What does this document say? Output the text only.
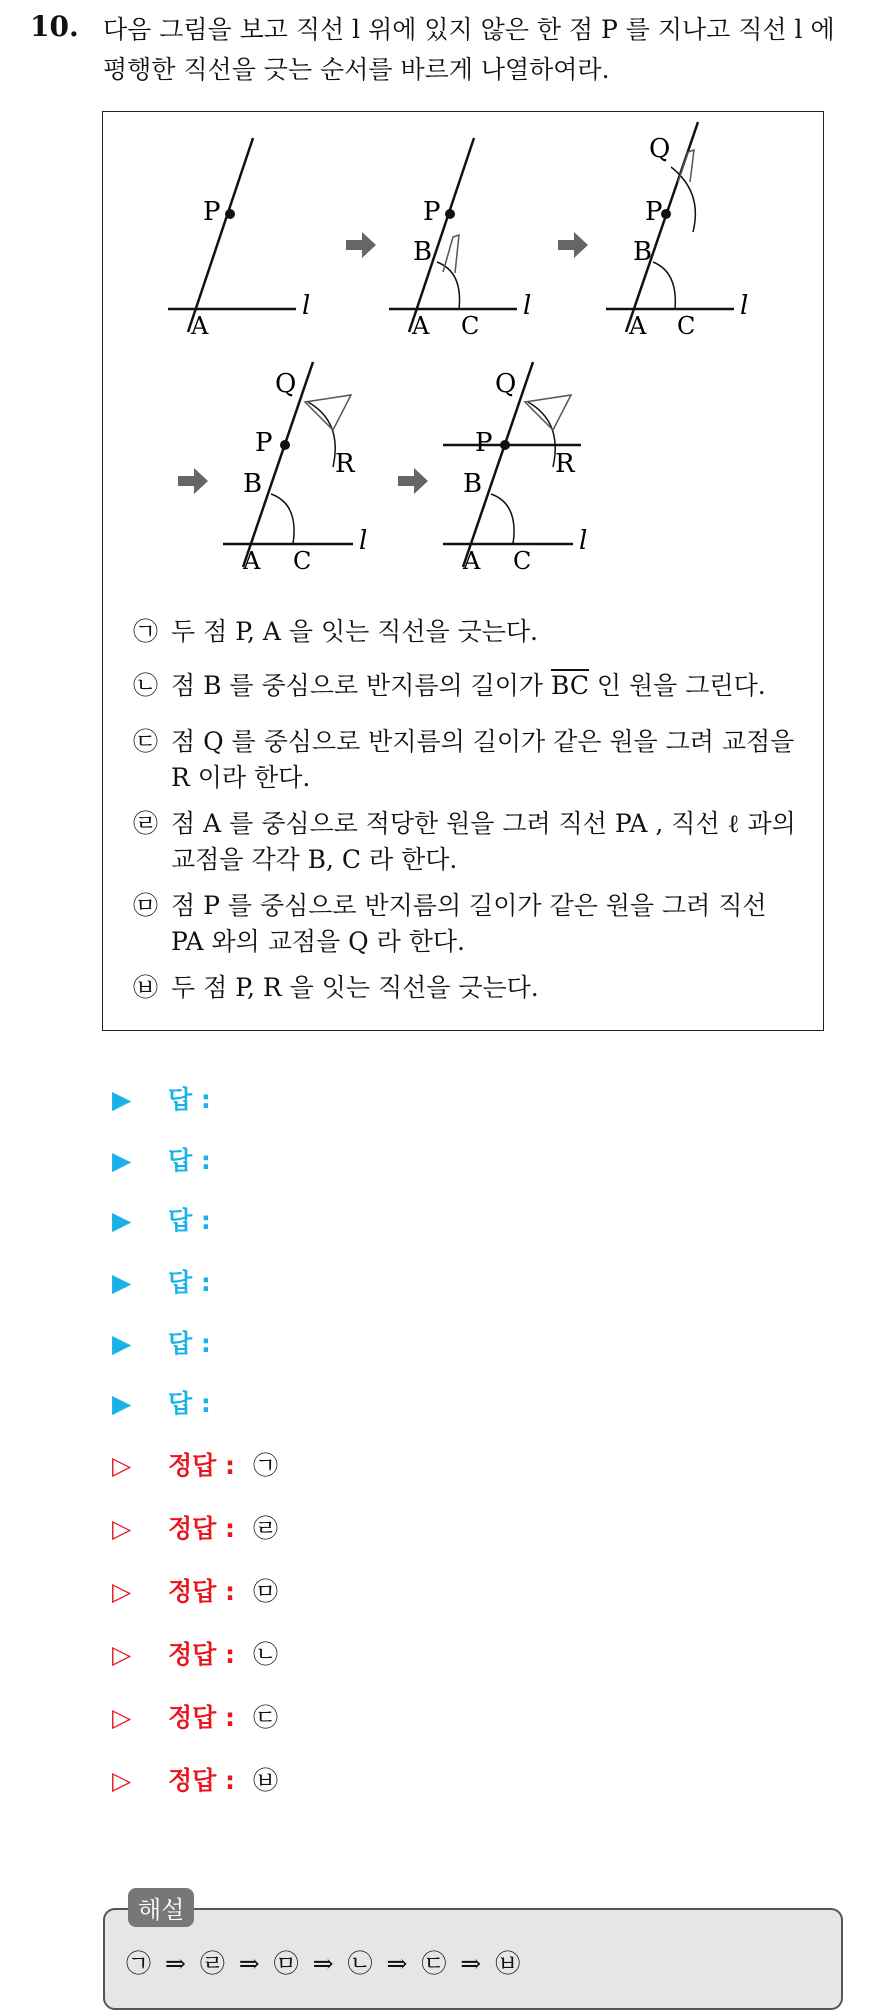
10. 다음 그림을 보고 직선 l 위에 있지 않은 한 점 P 를 지나고 직선 l 에 평행한 직선을 긋는 순서를 바르게 나열하여라.
P
A
l
P
B
A C
l
Q
P
B
A C
l
Q
P
B
R
A C
l
Q
P
B
R
A C
l
㉠ 두 점 P, A 을 잇는 직선을 긋는다.
㉡ 점 B 를 중심으로 반지름의 길이가 $\overline{BC}$ 인 원을 그린다.
㉢ 점 Q 를 중심으로 반지름의 길이가 같은 원을 그려 교점을 R 이라 한다.
㉣ 점 A 를 중심으로 적당한 원을 그려 직선 PA , 직선 ℓ 과의 교점을 각각 B, C 라 한다.
㉤ 점 P 를 중심으로 반지름의 길이가 같은 원을 그려 직선 PA 와의 교점을 Q 라 한다.
㉥ 두 점 P, R 을 잇는 직선을 긋는다.
▶ 답 :
▶ 답 :
▶ 답 :
▶ 답 :
▶ 답 :
▶ 답 :
▷ 정답 : ㉠
▷ 정답 : ㉣
▷ 정답 : ㉤
▷ 정답 : ㉡
▷ 정답 : ㉢
▷ 정답 : ㉥
해설
㉠ ⇒ ㉣ ⇒ ㉤ ⇒ ㉡ ⇒ ㉢ ⇒ ㉥
